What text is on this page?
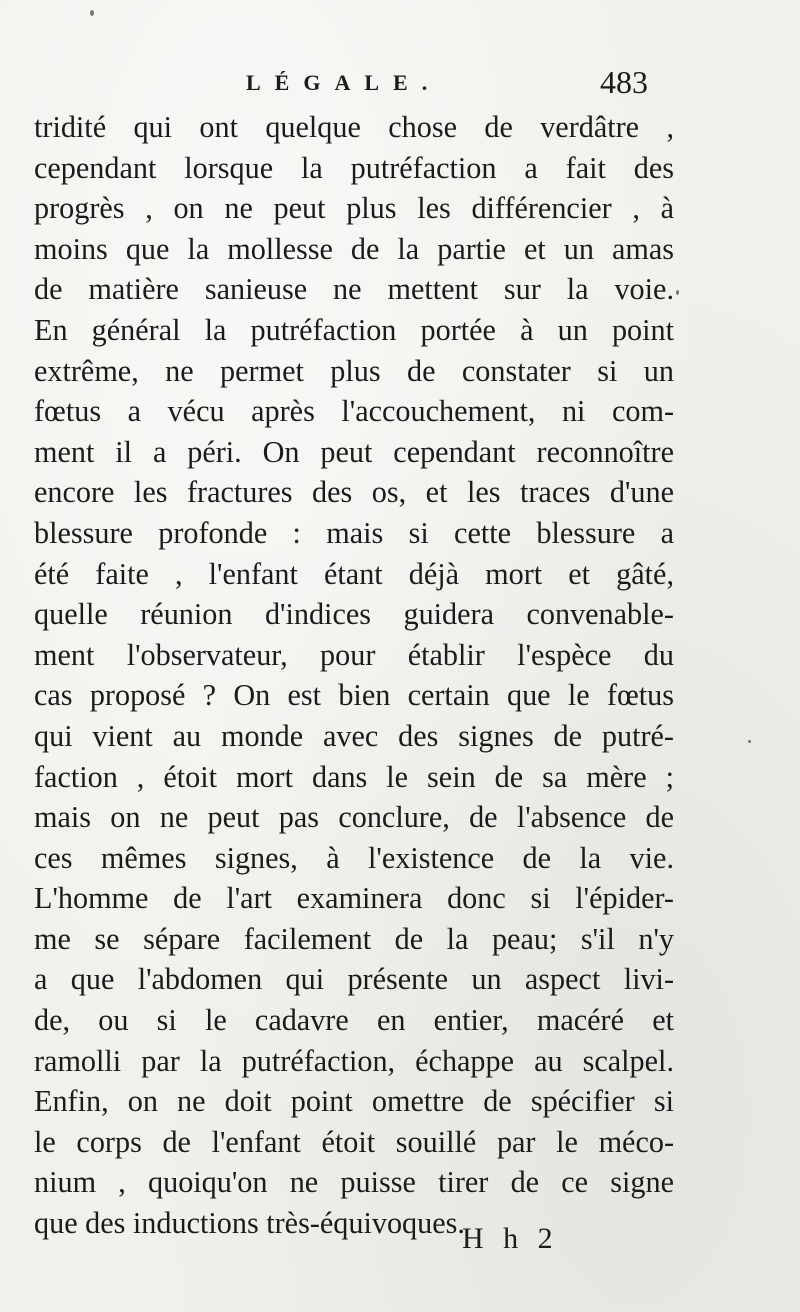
LÉGALE.	483
tridité qui ont quelque chose de verdâtre ,
cependant lorsque la putréfaction a fait des
progrès , on ne peut plus les différencier , à
moins que la mollesse de la partie et un amas
de matière sanieuse ne mettent sur la voie.
En général la putréfaction portée à un point
extrême, ne permet plus de constater si un
fœtus a vécu après l'accouchement, ni com-
ment il a péri. On peut cependant reconnoître
encore les fractures des os, et les traces d'une
blessure profonde : mais si cette blessure a
été faite , l'enfant étant déjà mort et gâté,
quelle réunion d'indices guidera convenable-
ment l'observateur, pour établir l'espèce du
cas proposé ? On est bien certain que le fœtus
qui vient au monde avec des signes de putré-
faction , étoit mort dans le sein de sa mère ;
mais on ne peut pas conclure, de l'absence de
ces mêmes signes, à l'existence de la vie.
L'homme de l'art examinera donc si l'épider-
me se sépare facilement de la peau; s'il n'y
a que l'abdomen qui présente un aspect livi-
de, ou si le cadavre en entier, macéré et
ramolli par la putréfaction, échappe au scalpel.
Enfin, on ne doit point omettre de spécifier si
le corps de l'enfant étoit souillé par le méco-
nium , quoiqu'on ne puisse tirer de ce signe
que des inductions très-équivoques.
H h 2
